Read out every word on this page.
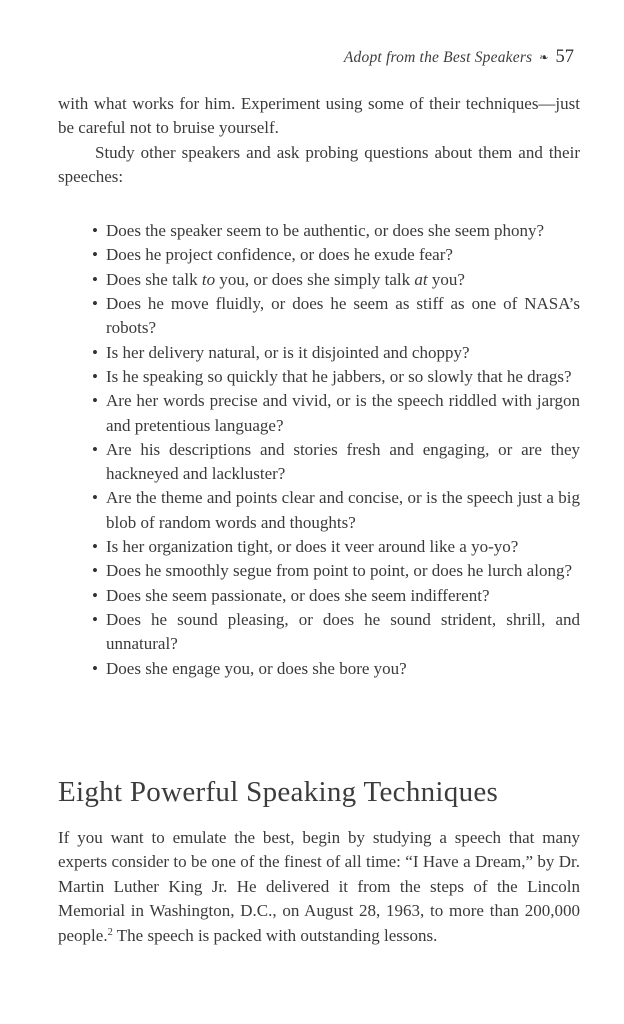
Adopt from the Best Speakers ❧ 57

with what works for him. Experiment using some of their techniques—just be careful not to bruise yourself.

Study other speakers and ask probing questions about them and their speeches:

• Does the speaker seem to be authentic, or does she seem phony?
• Does he project confidence, or does he exude fear?
• Does she talk to you, or does she simply talk at you?
• Does he move fluidly, or does he seem as stiff as one of NASA’s robots?
• Is her delivery natural, or is it disjointed and choppy?
• Is he speaking so quickly that he jabbers, or so slowly that he drags?
• Are her words precise and vivid, or is the speech riddled with jargon and pretentious language?
• Are his descriptions and stories fresh and engaging, or are they hackneyed and lackluster?
• Are the theme and points clear and concise, or is the speech just a big blob of random words and thoughts?
• Is her organization tight, or does it veer around like a yo-yo?
• Does he smoothly segue from point to point, or does he lurch along?
• Does she seem passionate, or does she seem indifferent?
• Does he sound pleasing, or does he sound strident, shrill, and unnatural?
• Does she engage you, or does she bore you?
Eight Powerful Speaking Techniques

If you want to emulate the best, begin by studying a speech that many experts consider to be one of the finest of all time: “I Have a Dream,” by Dr. Martin Luther King Jr. He delivered it from the steps of the Lincoln Memorial in Washington, D.C., on August 28, 1963, to more than 200,000 people.$^2$ The speech is packed with outstanding lessons.
